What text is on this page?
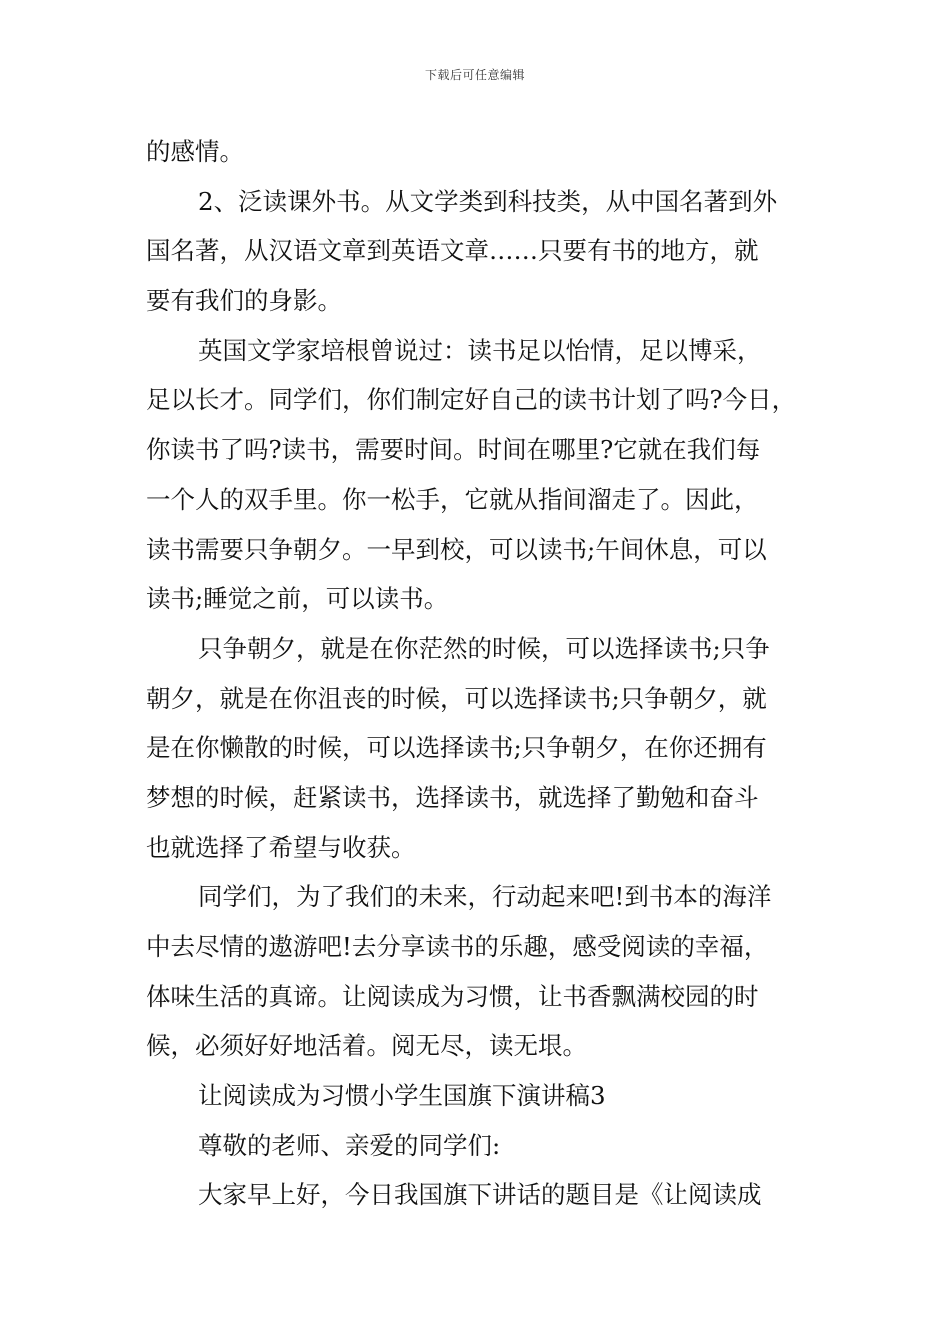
下载后可任意编辑
的感情。
2、泛读课外书。从文学类到科技类，从中国名著到外
国名著，从汉语文章到英语文章……只要有书的地方，就
要有我们的身影。
英国文学家培根曾说过：读书足以怡情，足以博采，
足以长才。同学们，你们制定好自己的读书计划了吗?今日，
你读书了吗?读书，需要时间。时间在哪里?它就在我们每
一个人的双手里。你一松手，它就从指间溜走了。因此，
读书需要只争朝夕。一早到校，可以读书;午间休息，可以
读书;睡觉之前，可以读书。
只争朝夕，就是在你茫然的时候，可以选择读书;只争
朝夕，就是在你沮丧的时候，可以选择读书;只争朝夕，就
是在你懒散的时候，可以选择读书;只争朝夕，在你还拥有
梦想的时候，赶紧读书，选择读书，就选择了勤勉和奋斗
也就选择了希望与收获。
同学们，为了我们的未来，行动起来吧!到书本的海洋
中去尽情的遨游吧!去分享读书的乐趣，感受阅读的幸福，
体味生活的真谛。让阅读成为习惯，让书香飘满校园的时
候，必须好好地活着。阅无尽，读无垠。
让阅读成为习惯小学生国旗下演讲稿3
尊敬的老师、亲爱的同学们:
大家早上好，今日我国旗下讲话的题目是《让阅读成
